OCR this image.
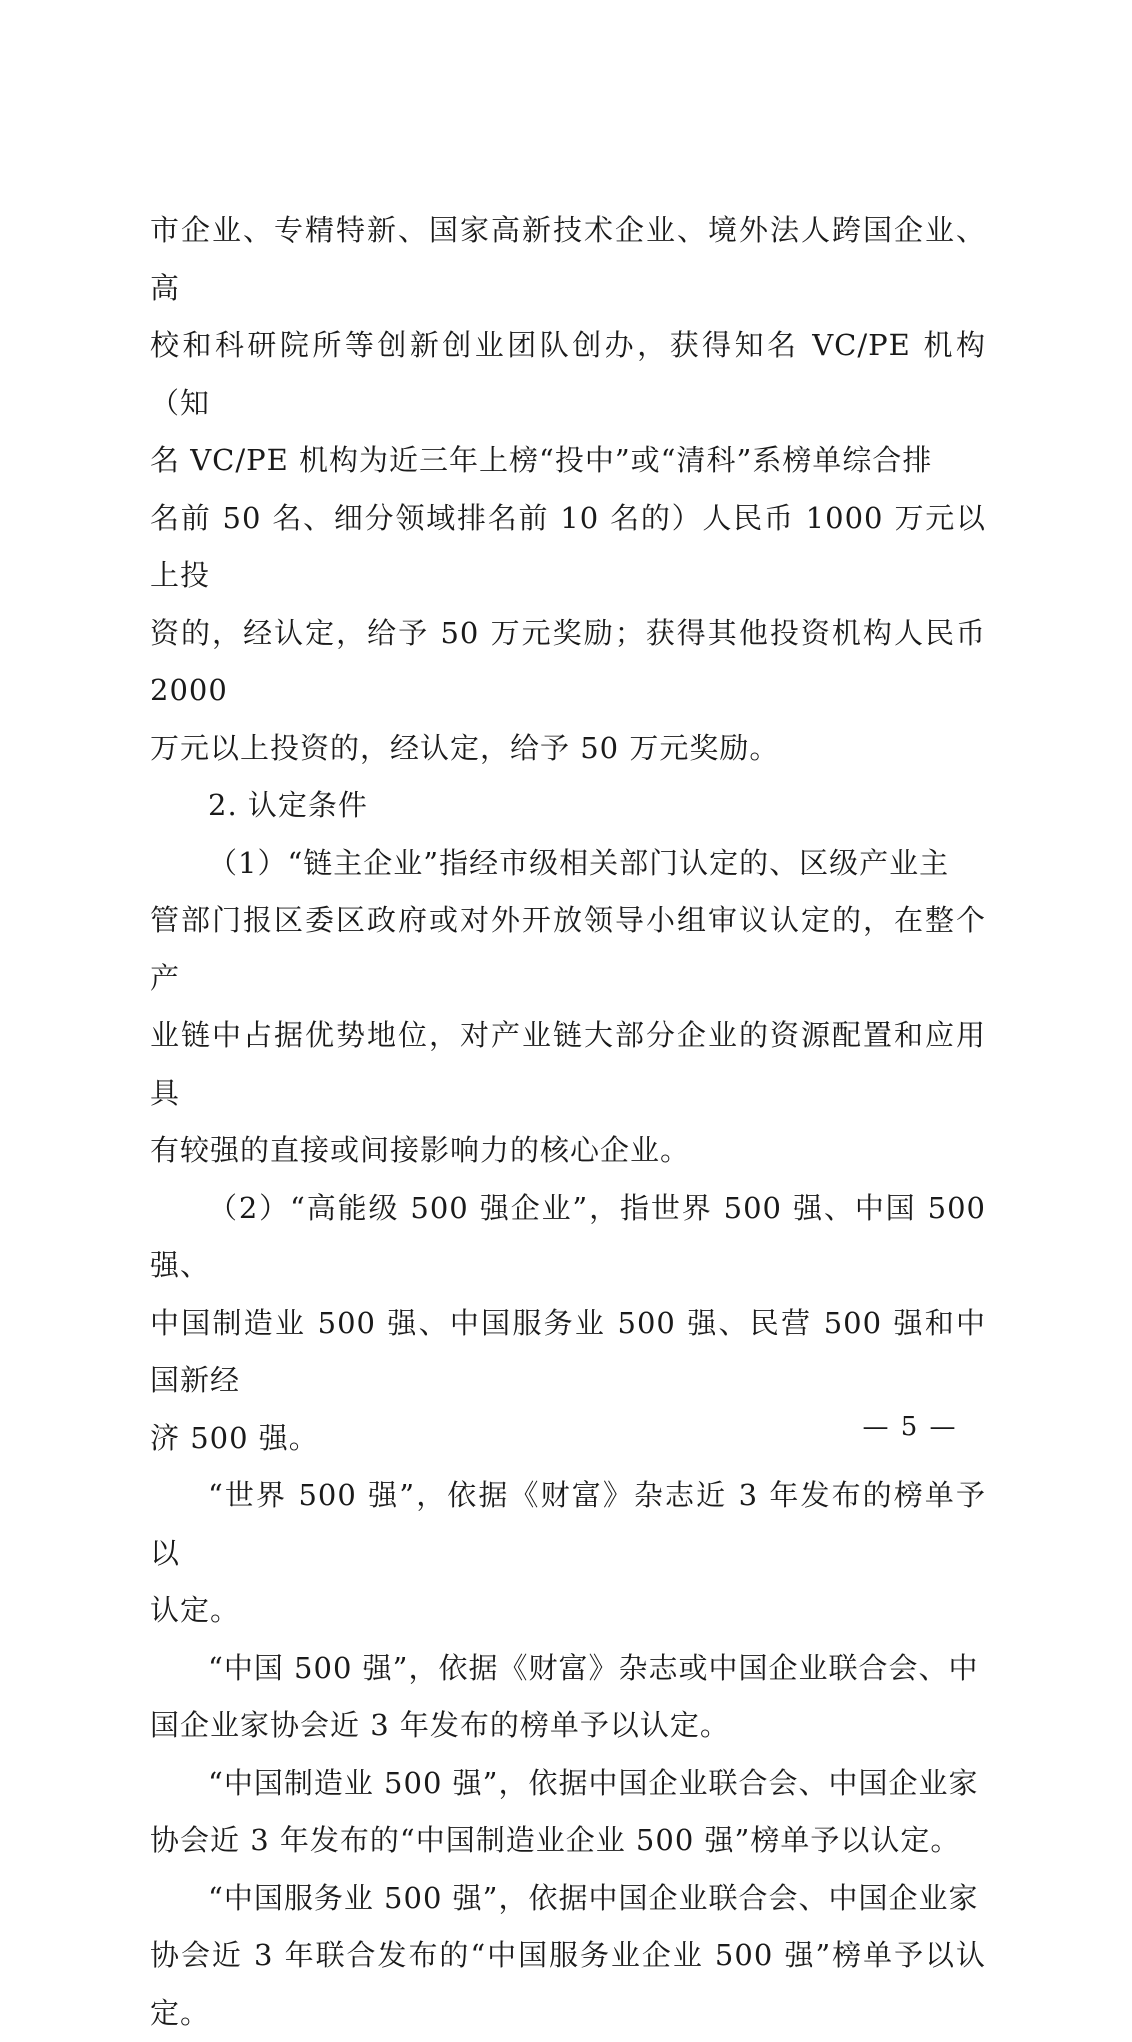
市企业、专精特新、国家高新技术企业、境外法人跨国企业、高
校和科研院所等创新创业团队创办，获得知名 VC/PE 机构（知
名 VC/PE 机构为近三年上榜“投中”或“清科”系榜单综合排
名前 50 名、细分领域排名前 10 名的）人民币 1000 万元以上投
资的，经认定，给予 50 万元奖励；获得其他投资机构人民币 2000
万元以上投资的，经认定，给予 50 万元奖励。

2. 认定条件

（1）“链主企业”指经市级相关部门认定的、区级产业主
管部门报区委区政府或对外开放领导小组审议认定的，在整个产
业链中占据优势地位，对产业链大部分企业的资源配置和应用具
有较强的直接或间接影响力的核心企业。

（2）“高能级 500 强企业”，指世界 500 强、中国 500 强、
中国制造业 500 强、中国服务业 500 强、民营 500 强和中国新经
济 500 强。

“世界 500 强”，依据《财富》杂志近 3 年发布的榜单予以
认定。

“中国 500 强”，依据《财富》杂志或中国企业联合会、中
国企业家协会近 3 年发布的榜单予以认定。

“中国制造业 500 强”，依据中国企业联合会、中国企业家
协会近 3 年发布的“中国制造业企业 500 强”榜单予以认定。

“中国服务业 500 强”，依据中国企业联合会、中国企业家
协会近 3 年联合发布的“中国服务业企业 500 强”榜单予以认定。

— 5 —
